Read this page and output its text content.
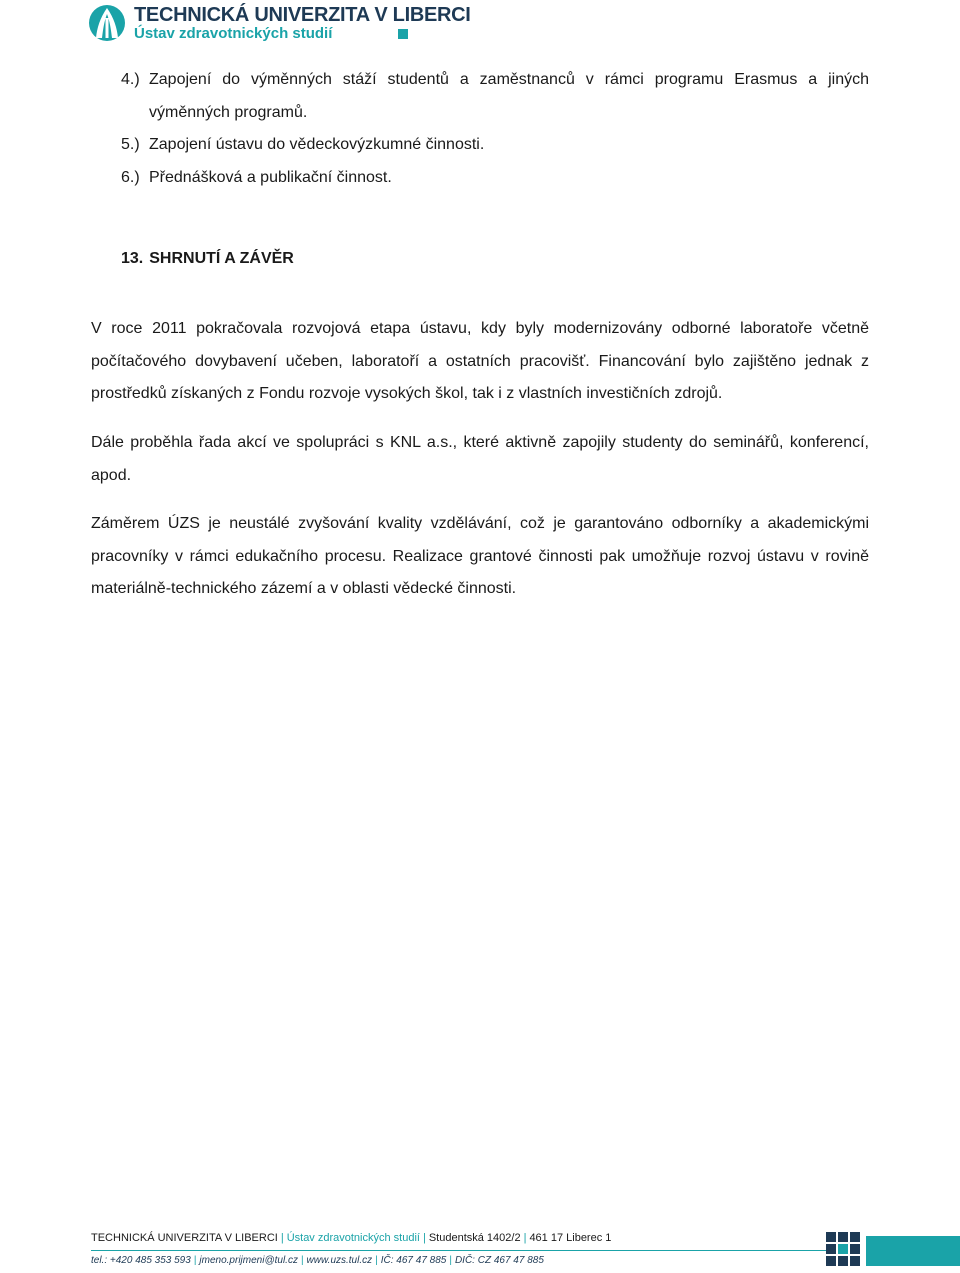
TECHNICKÁ UNIVERZITA V LIBERCI
Ústav zdravotnických studií
4.) Zapojení do výměnných stáží studentů a zaměstnanců v rámci programu Erasmus a jiných výměnných programů.
5.) Zapojení ústavu do vědeckovýzkumné činnosti.
6.) Přednášková a publikační činnost.
13. SHRNUTÍ A ZÁVĚR

V roce 2011 pokračovala rozvojová etapa ústavu, kdy byly modernizovány odborné laboratoře včetně počítačového dovybavení učeben, laboratoří a ostatních pracovišť. Financování bylo zajištěno jednak z prostředků získaných z Fondu rozvoje vysokých škol, tak i z vlastních investičních zdrojů.

Dále proběhla řada akcí ve spolupráci s KNL a.s., které aktivně zapojily studenty do seminářů, konferencí, apod.

Záměrem ÚZS je neustálé zvyšování kvality vzdělávání, což je garantováno odborníky a akademickými pracovníky v rámci edukačního procesu. Realizace grantové činnosti pak umožňuje rozvoj ústavu v rovině materiálně-technického zázemí a v oblasti vědecké činnosti.

TECHNICKÁ UNIVERZITA V LIBERCI | Ústav zdravotnických studií | Studentská 1402/2 | 461 17 Liberec 1
tel.: +420 485 353 593 | jmeno.prijmeni@tul.cz | www.uzs.tul.cz | IČ: 467 47 885 | DIČ: CZ 467 47 885
